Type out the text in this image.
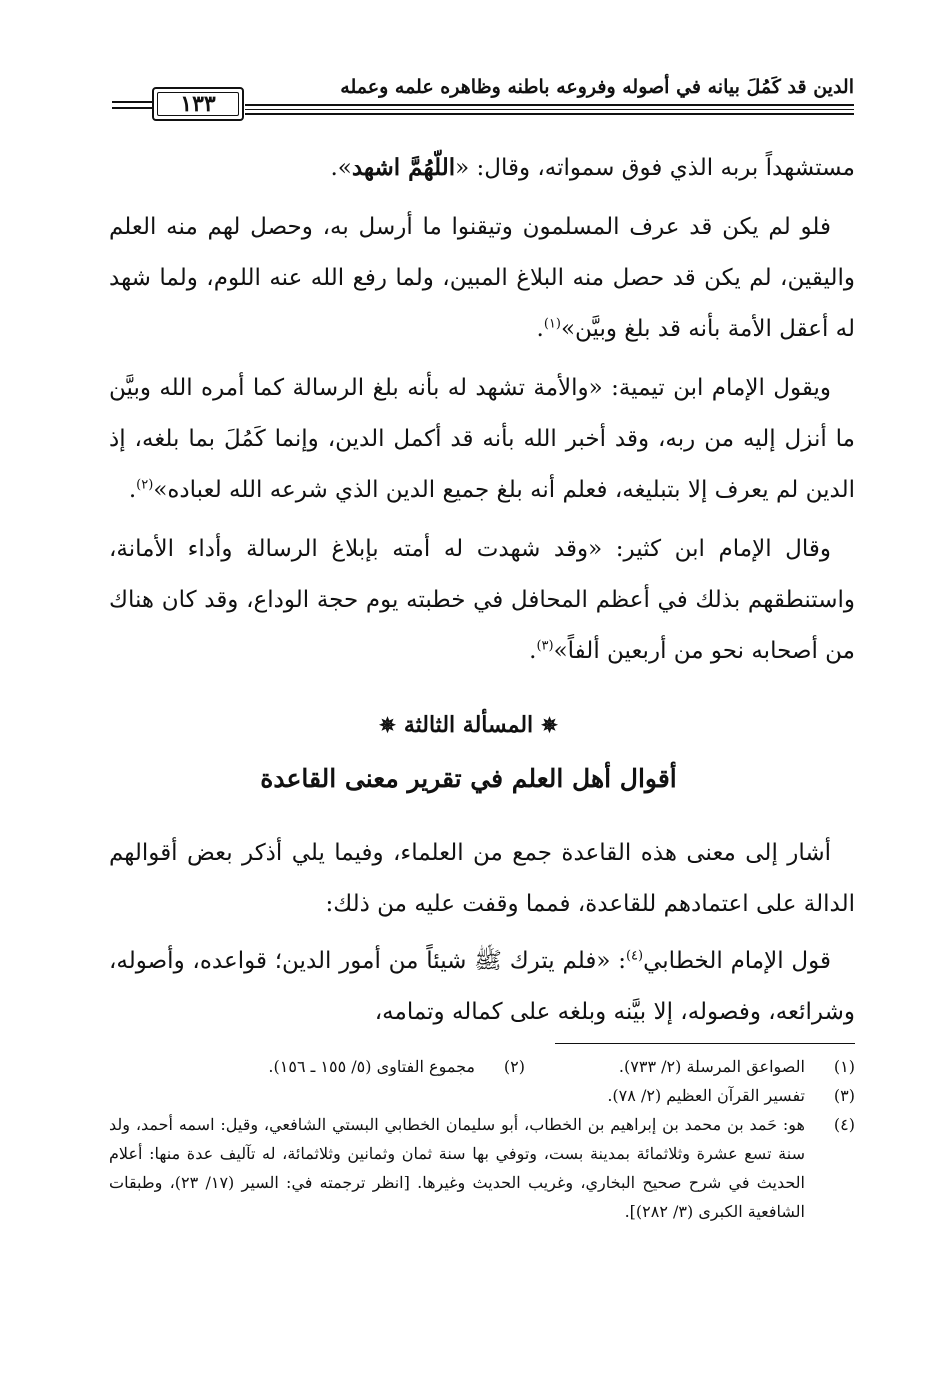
الدين قد كَمُلَ بيانه في أصوله وفروعه باطنه وظاهره علمه وعمله
١٣٣

مستشهداً بربه الذي فوق سمواته، وقال: «اللّهُمَّ اشهد».

فلو لم يكن قد عرف المسلمون وتيقنوا ما أرسل به، وحصل لهم منه العلم واليقين، لم يكن قد حصل منه البلاغ المبين، ولما رفع الله عنه اللوم، ولما شهد له أعقل الأمة بأنه قد بلغ وبيَّن»$^{(١)}$.

ويقول الإمام ابن تيمية: «والأمة تشهد له بأنه بلغ الرسالة كما أمره الله وبيَّن ما أنزل إليه من ربه، وقد أخبر الله بأنه قد أكمل الدين، وإنما كَمُلَ بما بلغه، إذ الدين لم يعرف إلا بتبليغه، فعلم أنه بلغ جميع الدين الذي شرعه الله لعباده»$^{(٢)}$.

وقال الإمام ابن كثير: «وقد شهدت له أمته بإبلاغ الرسالة وأداء الأمانة، واستنطقهم بذلك في أعظم المحافل في خطبته يوم حجة الوداع، وقد كان هناك من أصحابه نحو من أربعين ألفاً»$^{(٣)}$.

✵
المسألة الثالثة
✵
أقوال أهل العلم في تقرير معنى القاعدة

أشار إلى معنى هذه القاعدة جمع من العلماء، وفيما يلي أذكر بعض أقوالهم الدالة على اعتمادهم للقاعدة، فمما وقفت عليه من ذلك:

قول الإمام الخطابي$^{(٤)}$: «فلم يترك ﷺ شيئاً من أمور الدين؛ قواعده، وأصوله، وشرائعه، وفصوله، إلا بيَّنه وبلغه على كماله وتمامه،

(١)
الصواعق المرسلة (٢/ ٧٣٣).
(٢)
مجموع الفتاوى (٥/ ١٥٥ ـ ١٥٦).
(٣)
تفسير القرآن العظيم (٢/ ٧٨).
(٤)
هو: حَمد بن محمد بن إبراهيم بن الخطاب، أبو سليمان الخطابي البستي الشافعي، وقيل: اسمه أحمد، ولد سنة تسع عشرة وثلاثمائة بمدينة بست، وتوفي بها سنة ثمان وثمانين وثلاثمائة، له تآليف عدة منها: أعلام الحديث في شرح صحيح البخاري، وغريب الحديث وغيرها. [انظر ترجمته في: السير (١٧/ ٢٣)، وطبقات الشافعية الكبرى (٣/ ٢٨٢)].
